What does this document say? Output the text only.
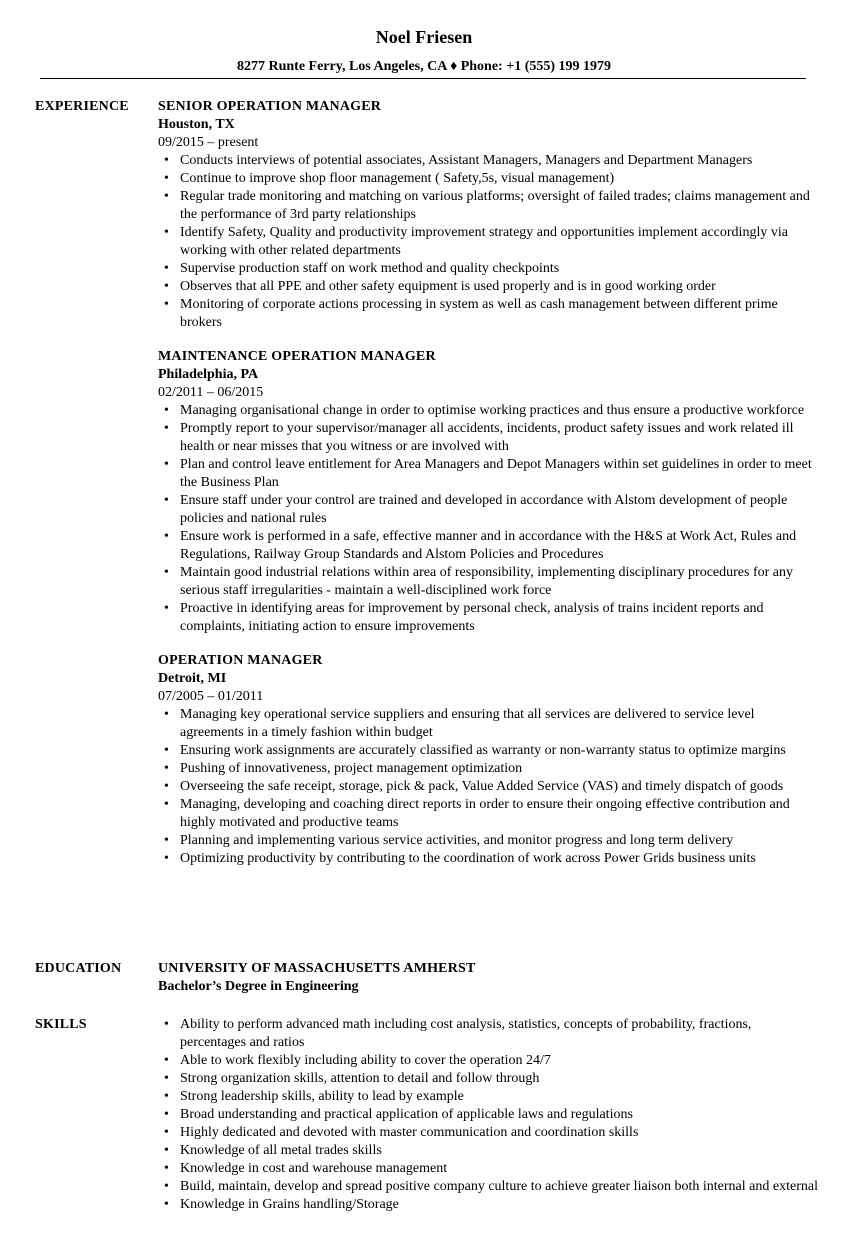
Noel Friesen
8277 Runte Ferry, Los Angeles, CA ♦ Phone: +1 (555) 199 1979
EXPERIENCE SENIOR OPERATION MANAGER
Houston, TX
09/2015 – present
• Conducts interviews of potential associates, Assistant Managers, Managers and Department Managers
• Continue to improve shop floor management ( Safety,5s, visual management)
• Regular trade monitoring and matching on various platforms; oversight of failed trades; claims management and the performance of 3rd party relationships
• Identify Safety, Quality and productivity improvement strategy and opportunities implement accordingly via working with other related departments
• Supervise production staff on work method and quality checkpoints
• Observes that all PPE and other safety equipment is used properly and is in good working order
• Monitoring of corporate actions processing in system as well as cash management between different prime brokers
MAINTENANCE OPERATION MANAGER
Philadelphia, PA
02/2011 – 06/2015
• Managing organisational change in order to optimise working practices and thus ensure a productive workforce
• Promptly report to your supervisor/manager all accidents, incidents, product safety issues and work related ill health or near misses that you witness or are involved with
• Plan and control leave entitlement for Area Managers and Depot Managers within set guidelines in order to meet the Business Plan
• Ensure staff under your control are trained and developed in accordance with Alstom development of people policies and national rules
• Ensure work is performed in a safe, effective manner and in accordance with the H&S at Work Act, Rules and Regulations, Railway Group Standards and Alstom Policies and Procedures
• Maintain good industrial relations within area of responsibility, implementing disciplinary procedures for any serious staff irregularities - maintain a well-disciplined work force
• Proactive in identifying areas for improvement by personal check, analysis of trains incident reports and complaints, initiating action to ensure improvements
OPERATION MANAGER
Detroit, MI
07/2005 – 01/2011
• Managing key operational service suppliers and ensuring that all services are delivered to service level agreements in a timely fashion within budget
• Ensuring work assignments are accurately classified as warranty or non-warranty status to optimize margins
• Pushing of innovativeness, project management optimization
• Overseeing the safe receipt, storage, pick & pack, Value Added Service (VAS) and timely dispatch of goods
• Managing, developing and coaching direct reports in order to ensure their ongoing effective contribution and highly motivated and productive teams
• Planning and implementing various service activities, and monitor progress and long term delivery
• Optimizing productivity by contributing to the coordination of work across Power Grids business units
EDUCATION	UNIVERSITY OF MASSACHUSETTS AMHERST
Bachelor’s Degree in Engineering
SKILLS
•	Ability to perform advanced math including cost analysis, statistics, concepts of probability, fractions, percentages and ratios
• Able to work flexibly including ability to cover the operation 24/7
• Strong organization skills, attention to detail and follow through
• Strong leadership skills, ability to lead by example
• Broad understanding and practical application of applicable laws and regulations
• Highly dedicated and devoted with master communication and coordination skills
• Knowledge of all metal trades skills
• Knowledge in cost and warehouse management
• Build, maintain, develop and spread positive company culture to achieve greater liaison both internal and external
• Knowledge in Grains handling/Storage
